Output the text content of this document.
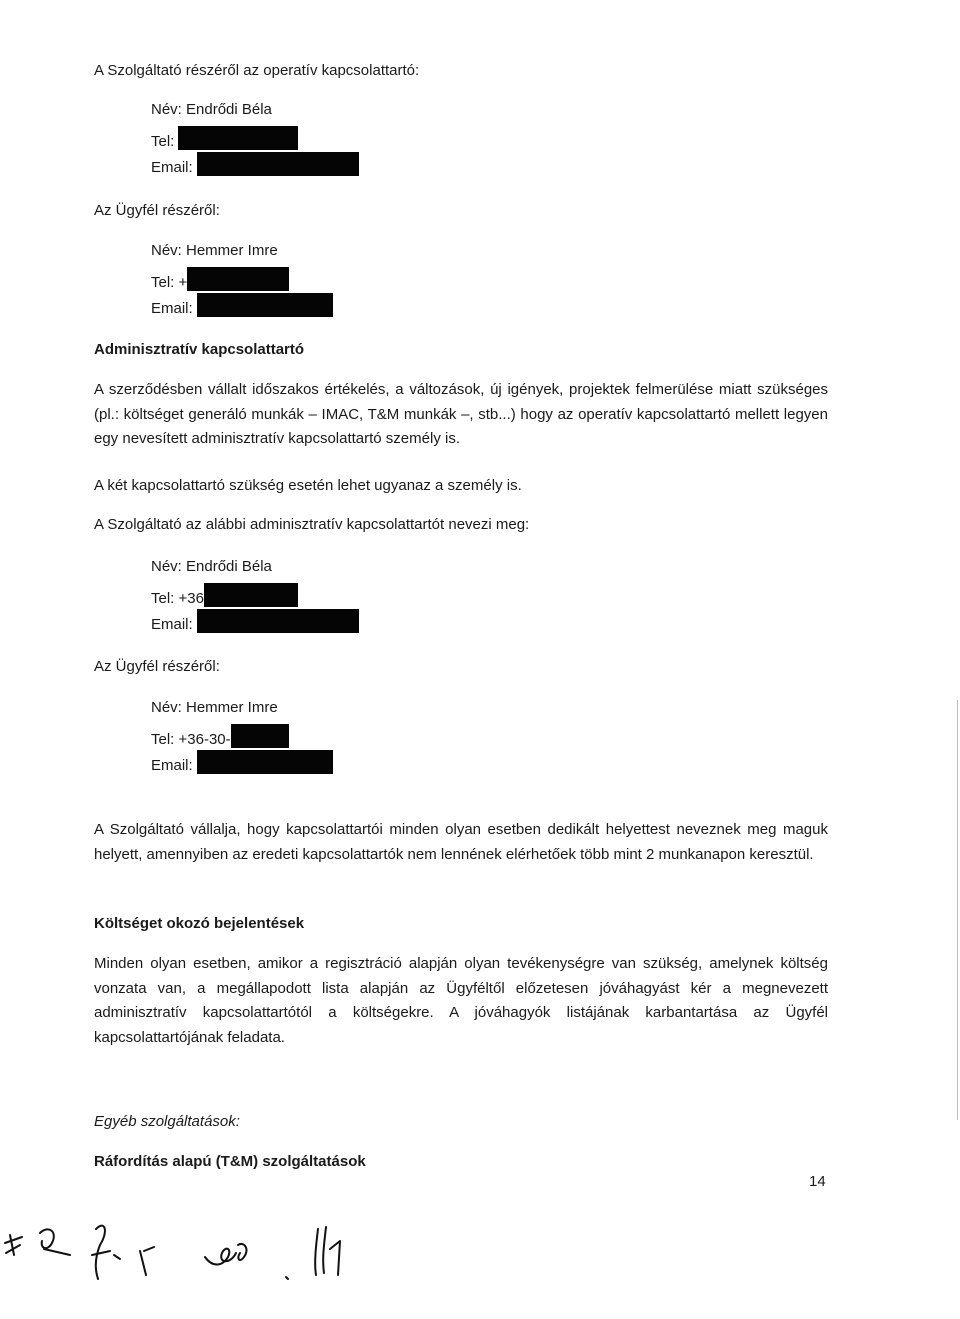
A Szolgáltató részéről az operatív kapcsolattartó:
Név: Endrődi Béla
Tel:
Email:
Az Ügyfél részéről:
Név: Hemmer Imre
Tel: +
Email:
Adminisztratív kapcsolattartó
A szerződésben vállalt időszakos értékelés, a változások, új igények, projektek felmerülése miatt szükséges (pl.: költséget generáló munkák – IMAC, T&M munkák –, stb...) hogy az operatív kapcsolattartó mellett legyen egy nevesített adminisztratív kapcsolattartó személy is.
A két kapcsolattartó szükség esetén lehet ugyanaz a személy is.
A Szolgáltató az alábbi adminisztratív kapcsolattartót nevezi meg:
Név: Endrődi Béla
Tel: +36
Email:
Az Ügyfél részéről:
Név: Hemmer Imre
Tel: +36-30-
Email:
A Szolgáltató vállalja, hogy kapcsolattartói minden olyan esetben dedikált helyettest neveznek meg maguk helyett, amennyiben az eredeti kapcsolattartók nem lennének elérhetőek több mint 2 munkanapon keresztül.
Költséget okozó bejelentések
Minden olyan esetben, amikor a regisztráció alapján olyan tevékenységre van szükség, amelynek költség vonzata van, a megállapodott lista alapján az Ügyféltől előzetesen jóváhagyást kér a megnevezett adminisztratív kapcsolattartótól a költségekre. A jóváhagyók listájának karbantartása az Ügyfél kapcsolattartójának feladata.
Egyéb szolgáltatások:
Ráfordítás alapú (T&M) szolgáltatások
14
